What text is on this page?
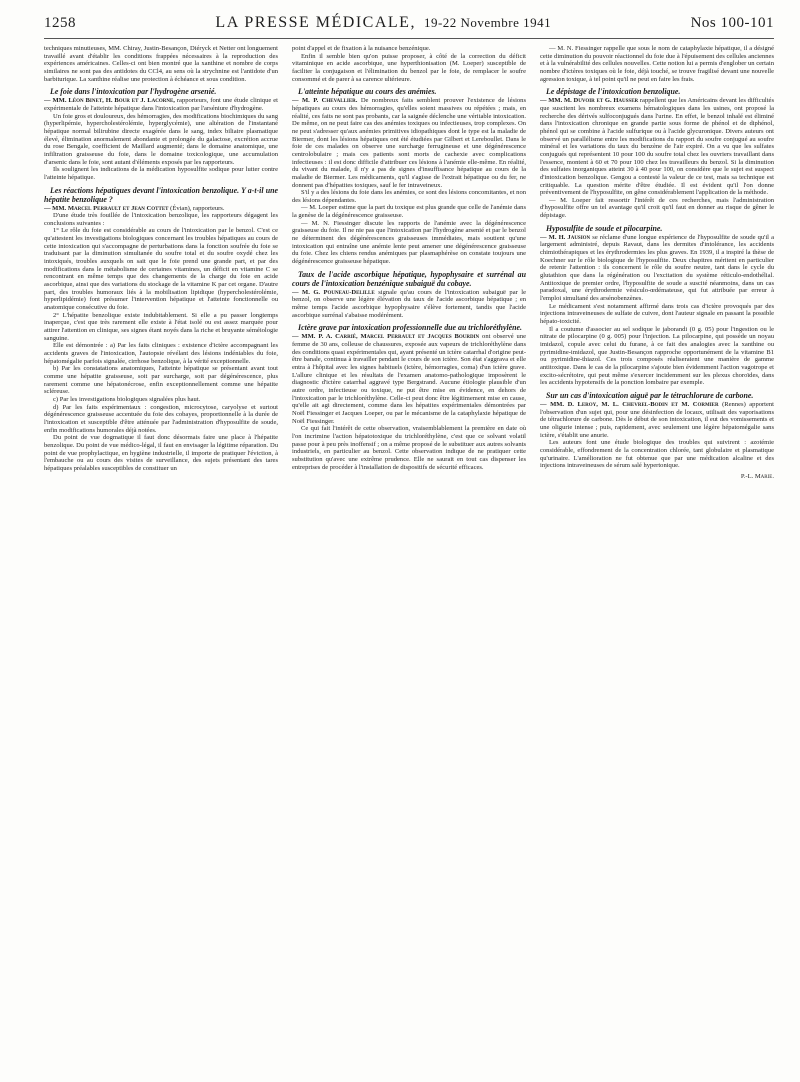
1258	LA PRESSE MÉDICALE, 19-22 Novembre 1941	Nos 100-101

techniques minutieuses, MM. Chiray, Justin-Besançon, Diéryck et Netter ont longuement travaillé avant d'établir les conditions frappées nécessaires à la reproduction des expériences américaines. Celles-ci ont bien montré que la xanthine et nombre de corps similaires ne sont pas des antidotes du CCl4, au sens où la strychnine est l'antidote d'un barbiturique. La xanthine réalise une protection à échéance et sous condition.

Le foie dans l'intoxication par l'hydrogène arsenié.

— MM. Léon Binet, H. Bour et J. Lacorne, rapporteurs, font une étude clinique et expérimentale de l'atteinte hépatique dans l'intoxication par l'arséniure d'hydrogène.

Un foie gros et douloureux, des hémorragies, des modifications biochimiques du sang (hyperlipémie, hypercholestérolémie, hyperglycémie), une altération de l'instantané hépatique normal bilirubine directe exagérée dans le sang, index biliaire plasmatique élevé, élimination anormalement abondante et prolongée du galactose, excrétion accrue du rose Bengale, coefficient de Maillard augmenté; dans le domaine anatomique, une infiltration graisseuse du foie, dans le domaine toxicologique, une accumulation d'arsenic dans le foie, sont autant d'éléments exposés par les rapporteurs.

Ils soulignent les indications de la médication hyposulfite sodique pour lutter contre l'atteinte hépatique.

Les réactions hépatiques devant l'intoxication benzolique. Y a-t-il une hépatite benzolique ?

— MM. Marcel Perrault et Jean Cottet (Évian), rapporteurs.

D'une étude très fouillée de l'intoxication benzolique, les rapporteurs dégagent les conclusions suivantes :

1° Le rôle du foie est considérable au cours de l'intoxication par le benzol. C'est ce qu'attestent les investigations biologiques concernant les troubles hépatiques au cours de cette intoxication qui s'accompagne de perturbations dans la fonction soufrée du foie se traduisant par la diminution simultanée du soufre total et du soufre oxydé chez les intoxiqués, troubles auxquels on sait que le foie prend une grande part, et par des modifications dans le métabolisme de certaines vitamines, un déficit en vitamine C se rencontrant en même temps que des changements de la charge du foie en acide ascorbique, ainsi que des variations du stockage de la vitamine K par cet organe. D'autre part, des troubles humoraux liés à la mobilisation lipidique (hypercholestérolémie, hyperlipidémie) font présumer l'intervention hépatique et l'atteinte fonctionnelle ou anatomique consécutive du foie.

2° L'hépatite benzolique existe indubitablement. Si elle a pu passer longtemps inaperçue, c'est que très rarement elle existe à l'état isolé ou est assez marquée pour attirer l'attention en clinique, ses signes étant noyés dans la riche et bruyante séméiologie sanguine.

Elle est démontrée : a) Par les faits cliniques : existence d'ictère accompagnant les accidents graves de l'intoxication, l'autopsie révélant des lésions indéniables du foie, hépatomégalie parfois signalée, cirrhose benzolique, à la vérité exceptionnelle.

b) Par les constatations anatomiques, l'atteinte hépatique se présentant avant tout comme une hépatite graisseuse, soit par surcharge, soit par dégénérescence, plus rarement comme une hépatonécrose, enfin exceptionnellement comme une hépatite scléreuse.

c) Par les investigations biologiques signalées plus haut.

d) Par les faits expérimentaux : congestion, microcytose, caryolyse et surtout dégénérescence graisseuse accentuée du foie des cobayes, proportionnelle à la durée de l'intoxication et susceptible d'être atténuée par l'administration d'hyposulfite de soude, enfin modifications humorales déjà notées.

Du point de vue dogmatique il faut donc désormais faire une place à l'hépatite benzolique. Du point de vue médico-légal, il faut en envisager la légitime réparation. Du point de vue prophylactique, en hygiène industrielle, il importe de pratiquer l'éviction, à l'embauche ou au cours des visites de surveillance, des sujets présentant des tares hépatiques préalables susceptibles de constituer un

point d'appel et de fixation à la nuisance benzénique.

Enfin il semble bien qu'on puisse proposer, à côté de la correction du déficit vitaminique en acide ascorbique, une hyperthionisation (M. Loeper) susceptible de faciliter la conjugaison et l'élimination du benzol par le foie, de remplacer le soufre consommé et de parer à sa carence ultérieure.

L'atteinte hépatique au cours des anémies.

— M. P. Chevallier. De nombreux faits semblent prouver l'existence de lésions hépatiques au cours des hémorragies, qu'elles soient massives ou répétées ; mais, en réalité, ces faits ne sont pas probants, car la saignée déclenche une véritable intoxication. De même, on ne peut faire cas des anémies toxiques ou infectieuses, trop complexes. On ne peut s'adresser qu'aux anémies primitives idiopathiques dont le type est la maladie de Biermer, dont les lésions hépatiques ont été étudiées par Gilbert et Lereboullet. Dans le foie de ces malades on observe une surcharge ferrugineuse et une dégénérescence centrolobulaire ; mais ces patients sont morts de cachexie avec complications infectieuses : il est donc difficile d'attribuer ces lésions à l'anémie elle-même. En réalité, du vivant du malade, il n'y a pas de signes d'insuffisance hépatique au cours de la maladie de Biermer. Les médicaments, qu'il s'agisse de l'extrait hépatique ou du fer, ne donnent pas d'hépatites toxiques, sauf le fer intraveineux.

S'il y a des lésions du foie dans les anémies, ce sont des lésions concomitantes, et non des lésions dépendantes.

— M. Loeper estime que la part du toxique est plus grande que celle de l'anémie dans la genèse de la dégénérescence graisseuse.

— M. N. Fiessinger discute les rapports de l'anémie avec la dégénérescence graisseuse du foie. Il ne nie pas que l'intoxication par l'hydrogène arsenié et par le benzol ne déterminent des dégénérescences graisseuses immédiates, mais soutient qu'une intoxication qui entraîne une anémie lente peut amener une dégénérescence graisseuse du foie. Chez les chiens rendus anémiques par plasmaphérèse on constate toujours une dégénérescence graisseuse hépatique.

Taux de l'acide ascorbique hépatique, hypophysaire et surrénal au cours de l'intoxication benzénique subaiguë du cobaye.

— M. G. Pouneau-Delille signale qu'au cours de l'intoxication subaiguë par le benzol, on observe une légère élévation du taux de l'acide ascorbique hépatique ; en même temps l'acide ascorbique hypophysaire s'élève fortement, tandis que l'acide ascorbique surrénal s'abaisse modérément.

Ictère grave par intoxication professionnelle due au trichloréthylène.

— MM. P. A. Carrié, Marcel Perrault et Jacques Bourdin ont observé une femme de 30 ans, colleuse de chaussures, exposée aux vapeurs de trichloréthylène dans des conditions quasi expérimentales qui, ayant présenté un ictère catarrhal d'origine peut-être banale, continua à travailler pendant le cours de son ictère. Son état s'aggrava et elle entra à l'hôpital avec les signes habituels (ictère, hémorragies, coma) d'un ictère grave. L'allure clinique et les résultats de l'examen anatomo-pathologique imposèrent le diagnostic d'ictère catarrhal aggravé type Bergstrand. Aucune étiologie plausible d'un autre ordre, infectieuse ou toxique, ne put être mise en évidence, en dehors de l'intoxication par le trichloréthylène. Celle-ci peut donc être légitimement mise en cause, qu'elle ait agi directement, comme dans les hépatites expérimentales démontrées par Noël Fiessinger et Jacques Loeper, ou par le mécanisme de la cataphylaxie hépatique de Noël Fiessinger.

Ce qui fait l'intérêt de cette observation, vraisemblablement la première en date où l'on incrimine l'action hépatotoxique du trichloréthylène, c'est que ce solvant volatil passe pour à peu près inoffensif ; on a même proposé de le substituer aux autres solvants industriels, en particulier au benzol. Cette observation indique de ne pratiquer cette substitution qu'avec une extrême prudence. Elle ne saurait en tout cas dispenser les entreprises de procéder à l'installation de dispositifs de sécurité efficaces.

— M. N. Fiessinger rappelle que sous le nom de cataphylaxie hépatique, il a désigné cette diminution du pouvoir réactionnel du foie due à l'épuisement des cellules anciennes et à la vulnérabilité des cellules nouvelles. Cette notion lui a permis d'englober un certain nombre d'ictères toxiques où le foie, déjà touché, se trouve fragilisé devant une nouvelle agression toxique, à tel point qu'il ne peut en faire les frais.

Le dépistage de l'intoxication benzolique.

— MM. M. Duvoir et G. Hausser rappellent que les Américains devant les difficultés que suscitent les nombreux examens hématologiques dans les usines, ont proposé la recherche des dérivés sulfoconjugués dans l'urine. En effet, le benzol inhalé est éliminé dans l'intoxication chronique en grande partie sous forme de phénol et de diphénol, phénol qui se combine à l'acide sulfurique ou à l'acide glycuronique. Divers auteurs ont observé un parallélisme entre les modifications du rapport du soufre conjugué au soufre minéral et les variations du taux du benzène de l'air expiré. On a vu que les sulfates conjugués qui représentent 10 pour 100 du soufre total chez les ouvriers travaillant dans l'essence, montent à 60 et 70 pour 100 chez les travailleurs du benzol. Si la diminution des sulfates inorganiques atteint 30 à 40 pour 100, on considère que le sujet est suspect d'intoxication benzolique. Gengou a contesté la valeur de ce test, mais sa technique est critiquable. La question mérite d'être étudiée. Il est évident qu'il l'on donne préventivement de l'hyposulfite, on gêne considérablement l'application de la méthode.

— M. Loeper fait ressortir l'intérêt de ces recherches, mais l'administration d'hyposulfite offre un tel avantage qu'il croit qu'il faut en donner au risque de gêner le dépistage.

Hyposulfite de soude et pilocarpine.

— M. H. Jausion se réclame d'une longue expérience de l'hyposulfite de soude qu'il a largement administré, depuis Ravaut, dans les dermites d'intolérance, les accidents chimiothérapiques et les érythrodermies les plus graves. En 1939, il a inspiré la thèse de Koechner sur le rôle biologique de l'hyposulfite. Deux chapitres méritent en particulier de retenir l'attention : ils concernent le rôle du soufre neutre, tant dans le cycle du glutathion que dans la régénération ou l'excitation du système réticulo-endothélial. Antitoxique de premier ordre, l'hyposulfite de soude a suscité néanmoins, dans un cas paradoxal, une érythrodermie vésiculo-œdémateuse, qui fut attribuée par erreur à l'emploi simultané des arsénobenzènes.

Le médicament s'est notamment affirmé dans trois cas d'ictère provoqués par des injections intraveineuses de sulfate de cuivre, dont l'auteur signale en passant la possible hépato-toxicité.

Il a coutume d'associer au sel sodique le jaborandi (0 g. 05) pour l'ingestion ou le nitrate de pilocarpine (0 g. 005) pour l'injection. La pilocarpine, qui possède un noyau imidazol, copule avec celui du furane, à ce fait des analogies avec la xanthine ou pyrimidine-imidazol, que Justin-Besançon rapproche opportunément de la vitamine B1 ou pyrimidine-thiazol. Ces trois composés réaliseraient une manière de gamme antitoxique. Dans le cas de la pilocarpine s'ajoute bien évidemment l'action vagotrope et excito-sécrétoire, qui peut même s'exercer incidemment sur les plexus choroïdes, dans les accidents hypotensifs de la ponction lombaire par exemple.

Sur un cas d'intoxication aiguë par le tétrachlorure de carbone.

— MM. D. Leroy, M. L. Chevrel-Bodin et M. Cormier (Rennes) apportent l'observation d'un sujet qui, pour une désinfection de locaux, utilisait des vaporisations de tétrachlorure de carbone. Dès le début de son intoxication, il eut des vomissements et une oligurie intense ; puis, rapidement, avec seulement une légère hépatomégalie sans ictère, s'établit une anurie.

Les auteurs font une étude biologique des troubles qui suivirent : azotémie considérable, effondrement de la concentration chlorée, tant globulaire et plasmatique qu'urinaire. L'amélioration ne fut obtenue que par une médication alcaline et des injections intraveineuses de sérum salé hypertonique.

P.-L. Marie.
